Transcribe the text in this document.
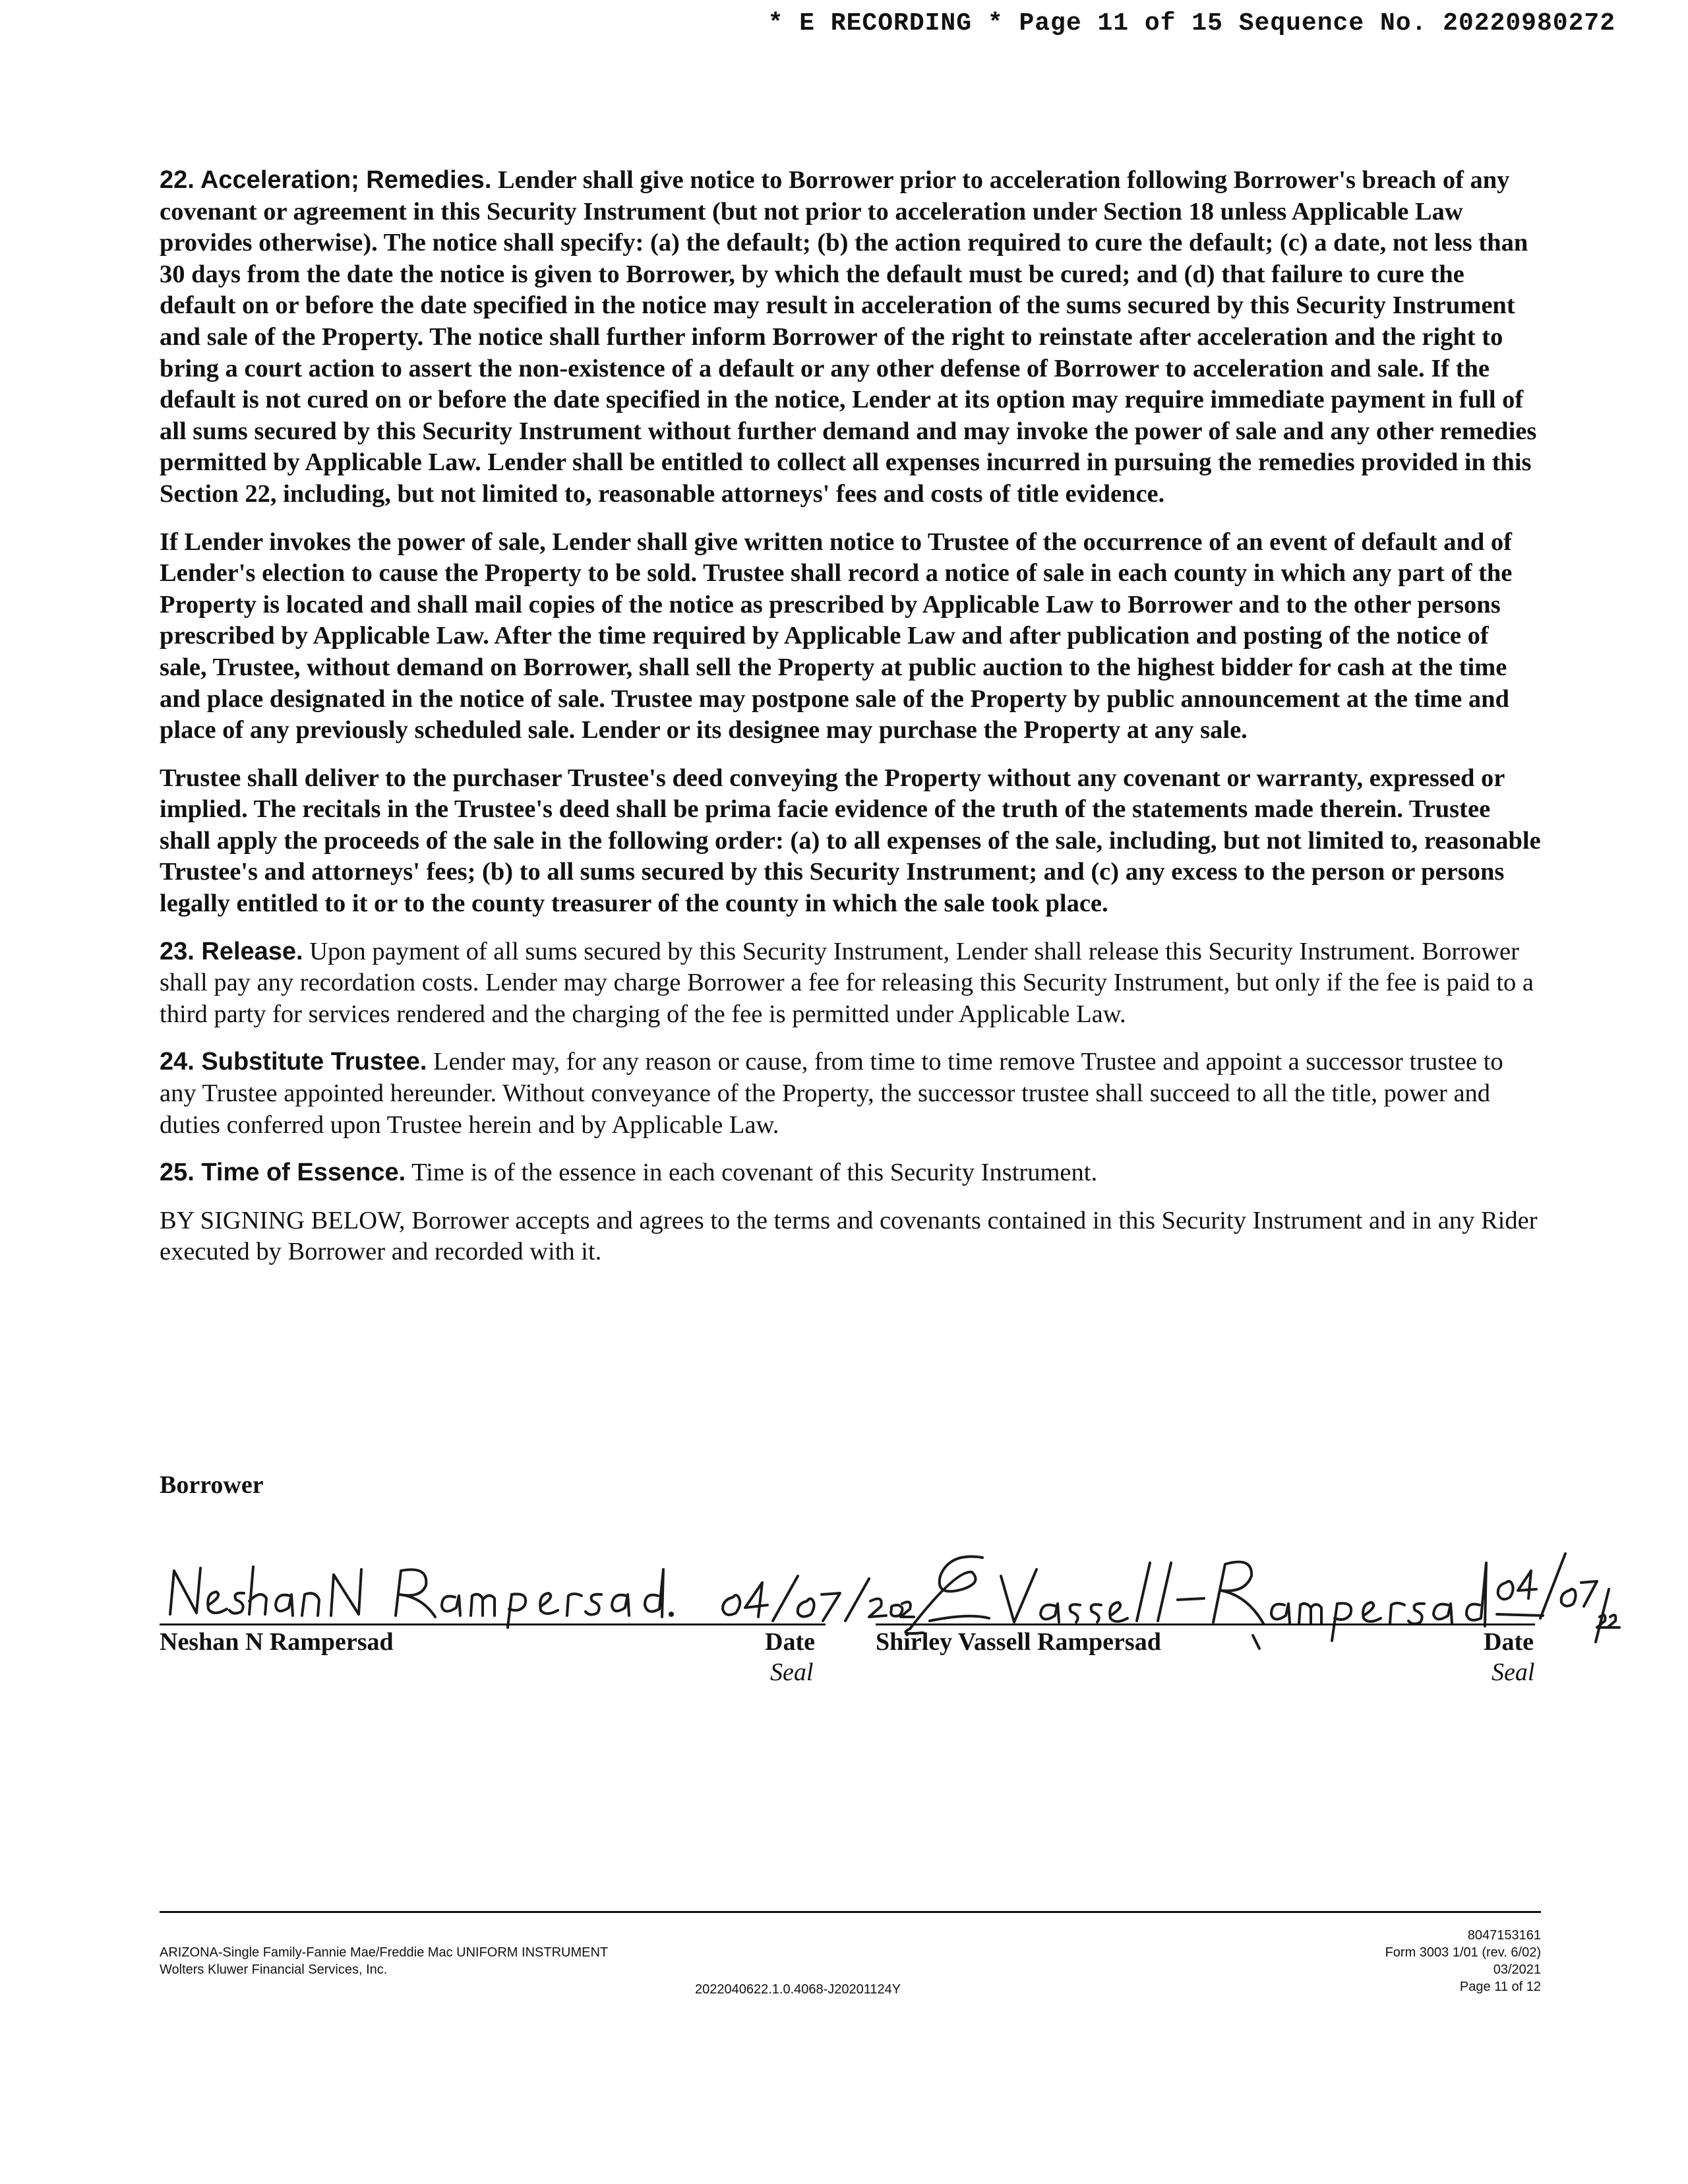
* E RECORDING * Page 11 of 15 Sequence No. 20220980272

22. Acceleration; Remedies. Lender shall give notice to Borrower prior to acceleration following Borrower's breach of any covenant or agreement in this Security Instrument (but not prior to acceleration under Section 18 unless Applicable Law provides otherwise). The notice shall specify: (a) the default; (b) the action required to cure the default; (c) a date, not less than 30 days from the date the notice is given to Borrower, by which the default must be cured; and (d) that failure to cure the default on or before the date specified in the notice may result in acceleration of the sums secured by this Security Instrument and sale of the Property. The notice shall further inform Borrower of the right to reinstate after acceleration and the right to bring a court action to assert the non-existence of a default or any other defense of Borrower to acceleration and sale. If the default is not cured on or before the date specified in the notice, Lender at its option may require immediate payment in full of all sums secured by this Security Instrument without further demand and may invoke the power of sale and any other remedies permitted by Applicable Law. Lender shall be entitled to collect all expenses incurred in pursuing the remedies provided in this Section 22, including, but not limited to, reasonable attorneys' fees and costs of title evidence.

If Lender invokes the power of sale, Lender shall give written notice to Trustee of the occurrence of an event of default and of Lender's election to cause the Property to be sold. Trustee shall record a notice of sale in each county in which any part of the Property is located and shall mail copies of the notice as prescribed by Applicable Law to Borrower and to the other persons prescribed by Applicable Law. After the time required by Applicable Law and after publication and posting of the notice of sale, Trustee, without demand on Borrower, shall sell the Property at public auction to the highest bidder for cash at the time and place designated in the notice of sale. Trustee may postpone sale of the Property by public announcement at the time and place of any previously scheduled sale. Lender or its designee may purchase the Property at any sale.

Trustee shall deliver to the purchaser Trustee's deed conveying the Property without any covenant or warranty, expressed or implied. The recitals in the Trustee's deed shall be prima facie evidence of the truth of the statements made therein. Trustee shall apply the proceeds of the sale in the following order: (a) to all expenses of the sale, including, but not limited to, reasonable Trustee's and attorneys' fees; (b) to all sums secured by this Security Instrument; and (c) any excess to the person or persons legally entitled to it or to the county treasurer of the county in which the sale took place.

23. Release. Upon payment of all sums secured by this Security Instrument, Lender shall release this Security Instrument. Borrower shall pay any recordation costs. Lender may charge Borrower a fee for releasing this Security Instrument, but only if the fee is paid to a third party for services rendered and the charging of the fee is permitted under Applicable Law.

24. Substitute Trustee. Lender may, for any reason or cause, from time to time remove Trustee and appoint a successor trustee to any Trustee appointed hereunder. Without conveyance of the Property, the successor trustee shall succeed to all the title, power and duties conferred upon Trustee herein and by Applicable Law.

25. Time of Essence. Time is of the essence in each covenant of this Security Instrument.

BY SIGNING BELOW, Borrower accepts and agrees to the terms and covenants contained in this Security Instrument and in any Rider executed by Borrower and recorded with it.

Borrower
Neshan N Rampersad	Date
Seal
Shirley Vassell Rampersad	Date
Seal
ARIZONA-Single Family-Fannie Mae/Freddie Mac UNIFORM INSTRUMENT
Wolters Kluwer Financial Services, Inc.
2022040622.1.0.4068-J20201124Y
8047153161
Form 3003 1/01 (rev. 6/02)
03/2021
Page 11 of 12
